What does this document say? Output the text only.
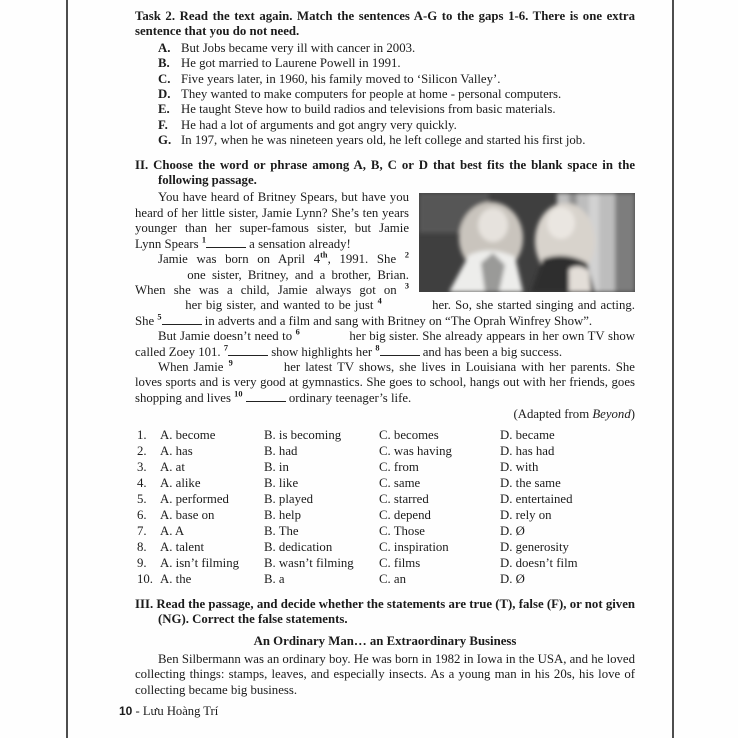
Task 2. Read the text again. Match the sentences A-G to the gaps 1-6. There is one extra sentence that you do not need.

A. But Jobs became very ill with cancer in 2003.
B. He got married to Laurene Powell in 1991.
C. Five years later, in 1960, his family moved to ‘Silicon Valley’.
D. They wanted to make computers for people at home - personal computers.
E. He taught Steve how to build radios and televisions from basic materials.
F.	He had a lot of arguments and got angry very quickly.
G. In 197, when he was nineteen years old, he left college and started his first job.

II. Choose the word or phrase among A, B, C or D that best fits the blank space in the following passage.

You have heard of Britney Spears, but have you heard of her little sister, Jamie Lynn? She’s ten years younger than her super-famous sister, but Jamie Lynn Spears $^1$	a sensation already!

Jamie was born on April 4th, 1991. She $^2$ one sister, Britney, and a brother, Brian. When she was a child, Jamie always got on $^3$ her big sister, and wanted to be just $^4$	her. So, she started singing and acting. She $^5$	in adverts and a film and sang with Britney on “The Oprah Winfrey Show”.

But Jamie doesn’t need to $^6$	her big sister. She already appears in her own TV show called Zoey 101. $^7$	show highlights her $^8$	and has been a big success.

When Jamie $^9$	her latest TV shows, she lives in Louisiana with her parents. She loves sports and is very good at gymnastics. She goes to school, hangs out with her friends, goes shopping and lives $^{10}$	ordinary teenager’s life.

(Adapted from Beyond)

1.	A. become	B. is becoming	C. becomes	D. became
2.	A. has	B. had	C. was having	D. has had
3.	A. at	B. in	C. from	D. with
4.	A. alike	B. like	C. same	D. the same
5.	A. performed	B. played	C. starred	D. entertained
6.	A. base on	B. help	C. depend	D. rely on
7.	A. A	B. The	C. Those	D. Ø
8.	A. talent	B. dedication	C. inspiration	D. generosity
9.	A. isn’t filming	B. wasn’t filming	C. films	D. doesn’t film
10. A. the	B. a	C. an	D. Ø

III. Read the passage, and decide whether the statements are true (T), false (F), or not given (NG). Correct the false statements.

An Ordinary Man… an Extraordinary Business

Ben Silbermann was an ordinary boy. He was born in 1982 in Iowa in the USA, and he loved collecting things: stamps, leaves, and especially insects. As a young man in his 20s, his love of collecting became big business.

10 - Lưu Hoàng Trí
